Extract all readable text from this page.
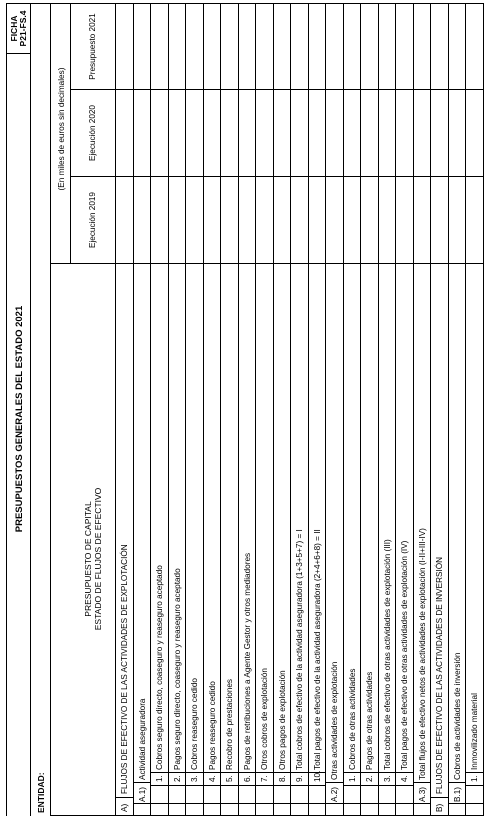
PRESUPUESTOS GENERALES DEL ESTADO 2021
FICHA P21-FS.4
ENTIDAD:
PRESUPUESTO DE CAPITAL ESTADO DE FLUJOS DE EFECTIVO
(En miles de euros sin decimales)
Ejecución 2019
Ejecución 2020
Presupuesto 2021
A)
FLUJOS DE EFECTIVO DE LAS ACTIVIDADES DE EXPLOTACIÓN
A.1)
Actividad aseguradora 1.
Cobros seguro directo, coaseguro y reaseguro aceptado
2.
Pagos seguro directo, coaseguro y reaseguro aceptado
3.
Cobros reaseguro cedido
4.
Pagos reaseguro cedido
5.
Recobro de prestaciones
6.
Pagos de retribuciones a Agente Gestor y otros mediadores
7.
Otros cobros de explotación
8.
Otros pagos de explotación
9.
Total cobros de efectivo de la actividad aseguradora (1+3+5+7) = I
10.
Total pagos de efectivo de la actividad aseguradora (2+4+6+8) = II
A.2)
Otras actividades de explotación 1.
Cobros de otras actividades
2.
Pagos de otras actividades
3.
Total cobros de efectivo de otras actividades de explotación (III)
4.
Total pagos de efectivo de otras actividades de explotación (IV)
A.3)
Total flujos de efectivo netos de actividades de explotación (I-II+III-IV)
B)
FLUJOS DE EFECTIVO DE LAS ACTIVIDADES DE INVERSIÓN
B.1)
Cobros de actividades de inversión 1.
Inmovilizado material
